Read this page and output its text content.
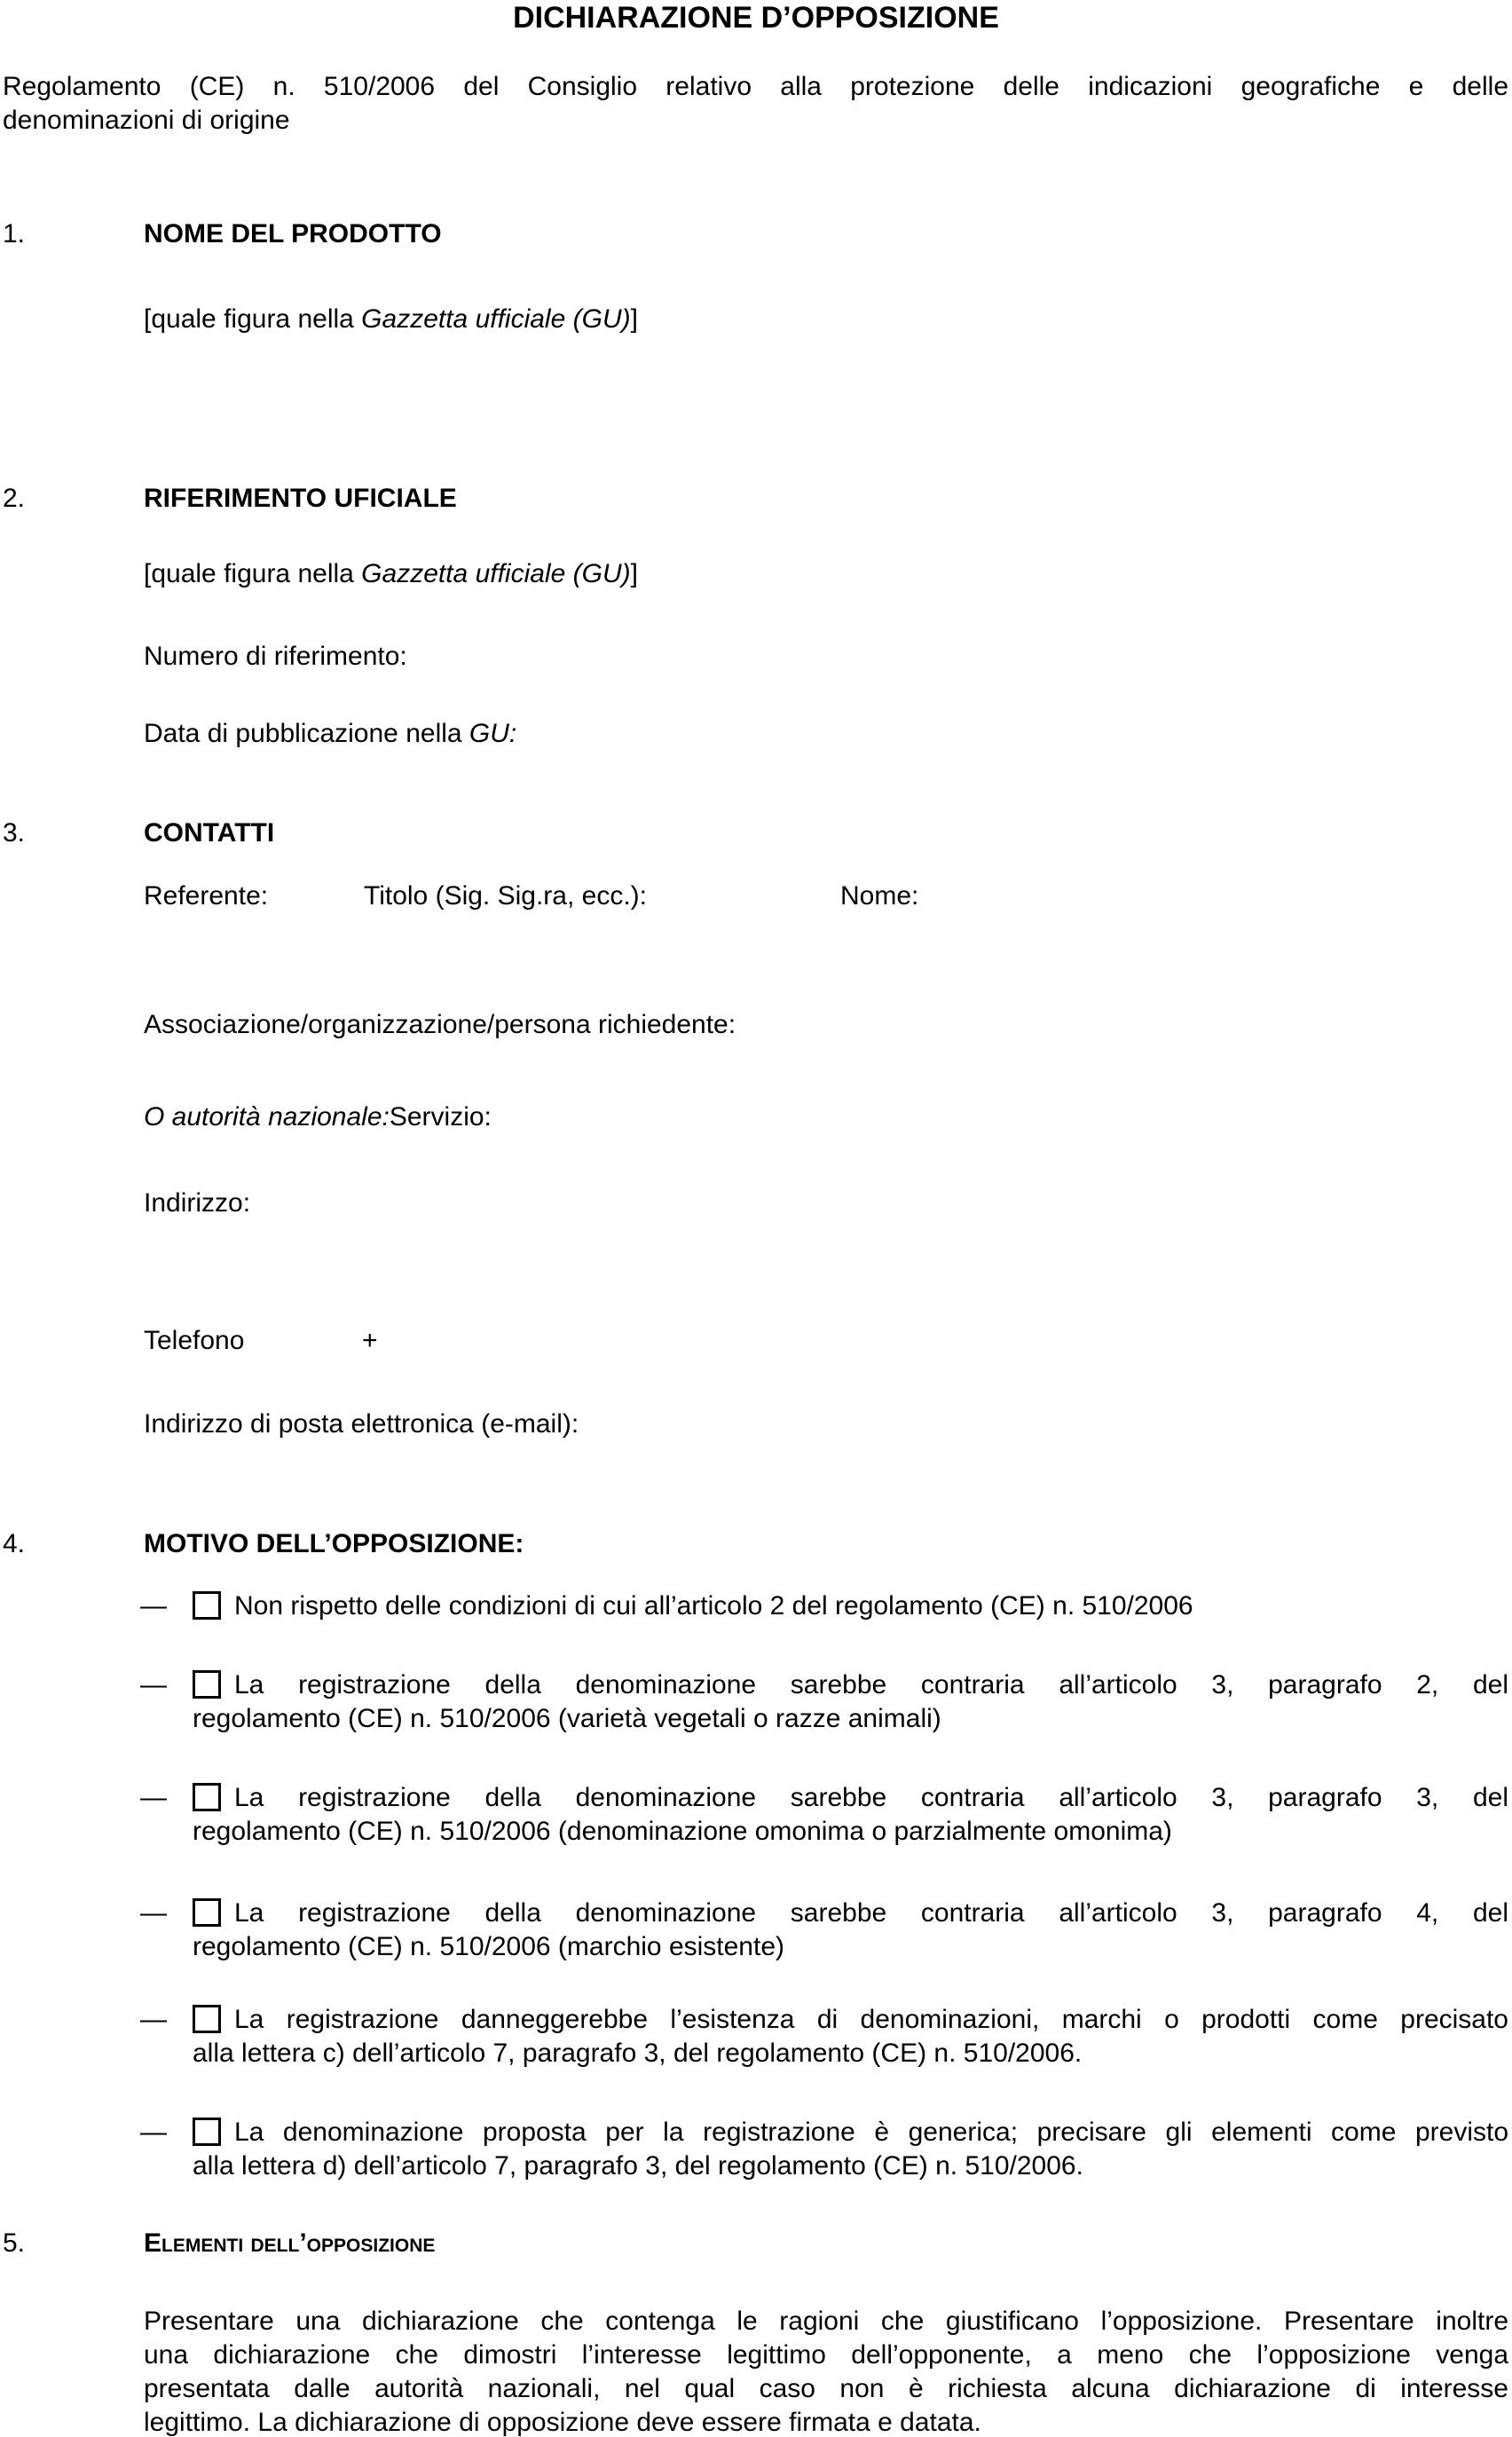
DICHIARAZIONE D’OPPOSIZIONE
Regolamento (CE) n. 510/2006 del Consiglio relativo alla protezione delle indicazioni geografiche e delle
denominazioni di origine
1.	NOME DEL PRODOTTO
[quale figura nella Gazzetta ufficiale (GU)]
2.	RIFERIMENTO UFICIALE
[quale figura nella Gazzetta ufficiale (GU)]
Numero di riferimento:
Data di pubblicazione nella GU:
3.	CONTATTI
Referente:	Titolo (Sig. Sig.ra, ecc.):	Nome:
Associazione/organizzazione/persona richiedente:
O autorità nazionale:Servizio:
Indirizzo:
Telefono	+
Indirizzo di posta elettronica (e-mail):
4.	MOTIVO DELL’OPPOSIZIONE:
—	Non rispetto delle condizioni di cui all’articolo 2 del regolamento (CE) n. 510/2006
—	La registrazione della denominazione sarebbe contraria all’articolo 3, paragrafo 2, del
regolamento (CE) n. 510/2006 (varietà vegetali o razze animali)
—	La registrazione della denominazione sarebbe contraria all’articolo 3, paragrafo 3, del
regolamento (CE) n. 510/2006 (denominazione omonima o parzialmente omonima)
—	La registrazione della denominazione sarebbe contraria all’articolo 3, paragrafo 4, del
regolamento (CE) n. 510/2006 (marchio esistente)
—	La registrazione danneggerebbe l’esistenza di denominazioni, marchi o prodotti come precisato
alla lettera c) dell’articolo 7, paragrafo 3, del regolamento (CE) n. 510/2006.
—	La denominazione proposta per la registrazione è generica; precisare gli elementi come previsto
alla lettera d) dell’articolo 7, paragrafo 3, del regolamento (CE) n. 510/2006.
5.	Elementi dell’opposizione
Presentare una dichiarazione che contenga le ragioni che giustificano l’opposizione. Presentare inoltre
una dichiarazione che dimostri l’interesse legittimo dell’opponente, a meno che l’opposizione venga
presentata dalle autorità nazionali, nel qual caso non è richiesta alcuna dichiarazione di interesse
legittimo. La dichiarazione di opposizione deve essere firmata e datata.
